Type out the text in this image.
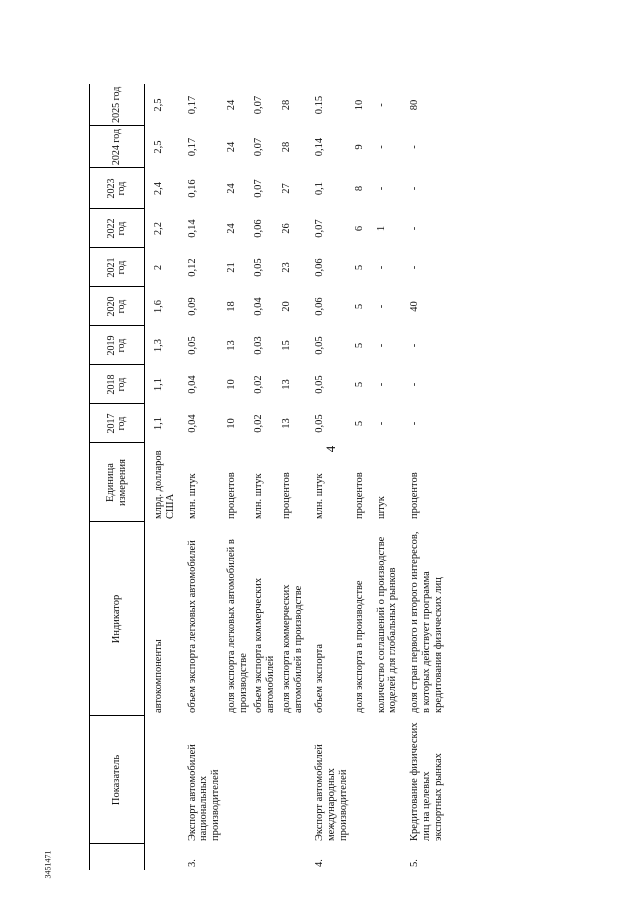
4
3451471
	Показатель	Индикатор	Единица измерения	2017 год	2018 год	2019 год	2020 год	2021 год	2022 год	2023 год	2024 год	2025 год
		автокомпоненты	млрд. долларов США	1,1	1,1	1,3	1,6	2	2,2	2,4	2,5	2,5
3.	Экспорт автомобилей национальных производителей	объем экспорта легковых автомобилей	млн. штук	0,04	0,04	0,05	0,09	0,12	0,14	0,16	0,17	0,17
		доля экспорта легковых автомобилей в производстве	процентов	10	10	13	18	21	24	24	24	24
		объем экспорта коммерческих автомобилей	млн. штук	0,02	0,02	0,03	0,04	0,05	0,06	0,07	0,07	0,07
		доля экспорта коммерческих автомобилей в производстве	процентов	13	13	15	20	23	26	27	28	28
4.	Экспорт автомобилей международных производителей	объем экспорта	млн. штук	0,05	0,05	0,05	0,06	0,06	0,07	0,1	0,14	0.15
		доля экспорта в производстве	процентов	5	5	5	5	5	6	8	9	10
		количество соглашений о производстве моделей для глобальных рынков	штук	-	-	-	-	-	1	-	-	-
5.	Кредитование физических лиц на целевых экспортных рынках	доля стран первого и второго интересов, в которых действует программа кредитования физических лиц	процентов	-	-	-	40	-	-	-	-	80
